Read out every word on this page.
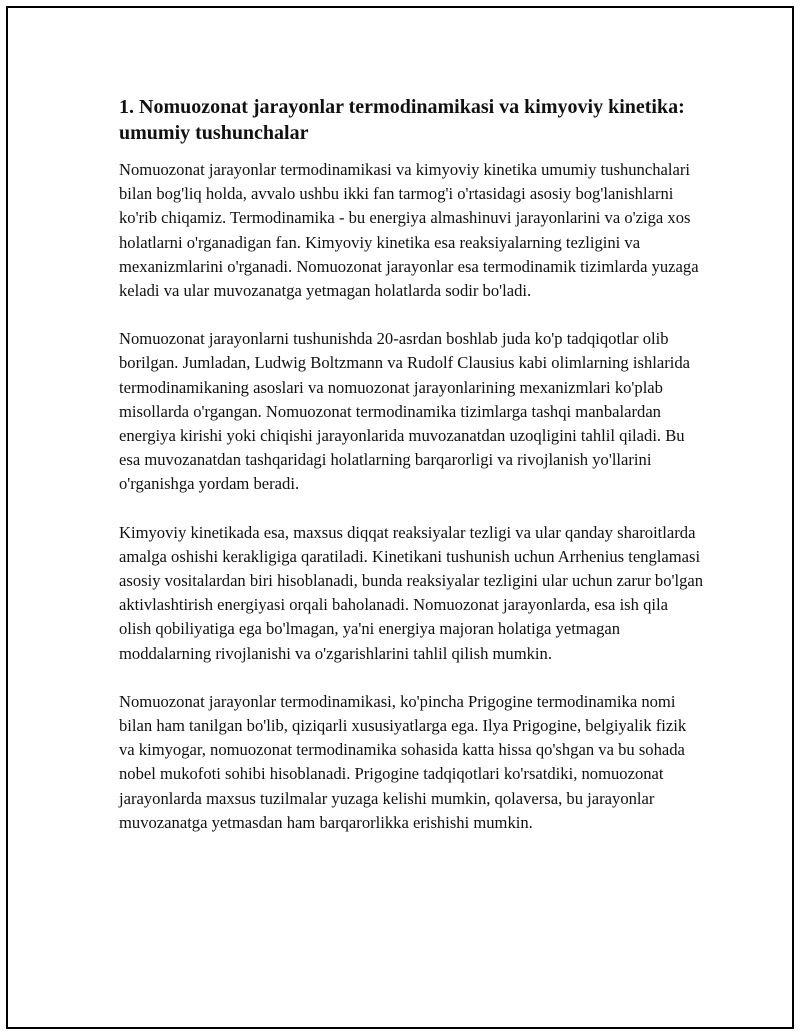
1. Nomuozonat jarayonlar termodinamikasi va kimyoviy kinetika: umumiy tushunchalar

Nomuozonat jarayonlar termodinamikasi va kimyoviy kinetika umumiy tushunchalari bilan bog'liq holda, avvalo ushbu ikki fan tarmog'i o'rtasidagi asosiy bog'lanishlarni ko'rib chiqamiz. Termodinamika - bu energiya almashinuvi jarayonlarini va o'ziga xos holatlarni o'rganadigan fan. Kimyoviy kinetika esa reaksiyalarning tezligini va mexanizmlarini o'rganadi. Nomuozonat jarayonlar esa termodinamik tizimlarda yuzaga keladi va ular muvozanatga yetmagan holatlarda sodir bo'ladi.

Nomuozonat jarayonlarni tushunishda 20-asrdan boshlab juda ko'p tadqiqotlar olib borilgan. Jumladan, Ludwig Boltzmann va Rudolf Clausius kabi olimlarning ishlarida termodinamikaning asoslari va nomuozonat jarayonlarining mexanizmlari ko'plab misollarda o'rgangan. Nomuozonat termodinamika tizimlarga tashqi manbalardan energiya kirishi yoki chiqishi jarayonlarida muvozanatdan uzoqligini tahlil qiladi. Bu esa muvozanatdan tashqaridagi holatlarning barqarorligi va rivojlanish yo'llarini o'rganishga yordam beradi.

Kimyoviy kinetikada esa, maxsus diqqat reaksiyalar tezligi va ular qanday sharoitlarda amalga oshishi kerakligiga qaratiladi. Kinetikani tushunish uchun Arrhenius tenglamasi asosiy vositalardan biri hisoblanadi, bunda reaksiyalar tezligini ular uchun zarur bo'lgan aktivlashtirish energiyasi orqali baholanadi. Nomuozonat jarayonlarda, esa ish qila olish qobiliyatiga ega bo'lmagan, ya'ni energiya majoran holatiga yetmagan moddalarning rivojlanishi va o'zgarishlarini tahlil qilish mumkin.

Nomuozonat jarayonlar termodinamikasi, ko'pincha Prigogine termodinamika nomi bilan ham tanilgan bo'lib, qiziqarli xususiyatlarga ega. Ilya Prigogine, belgiyalik fizik va kimyogar, nomuozonat termodinamika sohasida katta hissa qo'shgan va bu sohada nobel mukofoti sohibi hisoblanadi. Prigogine tadqiqotlari ko'rsatdiki, nomuozonat jarayonlarda maxsus tuzilmalar yuzaga kelishi mumkin, qolaversa, bu jarayonlar muvozanatga yetmasdan ham barqarorlikka erishishi mumkin.
